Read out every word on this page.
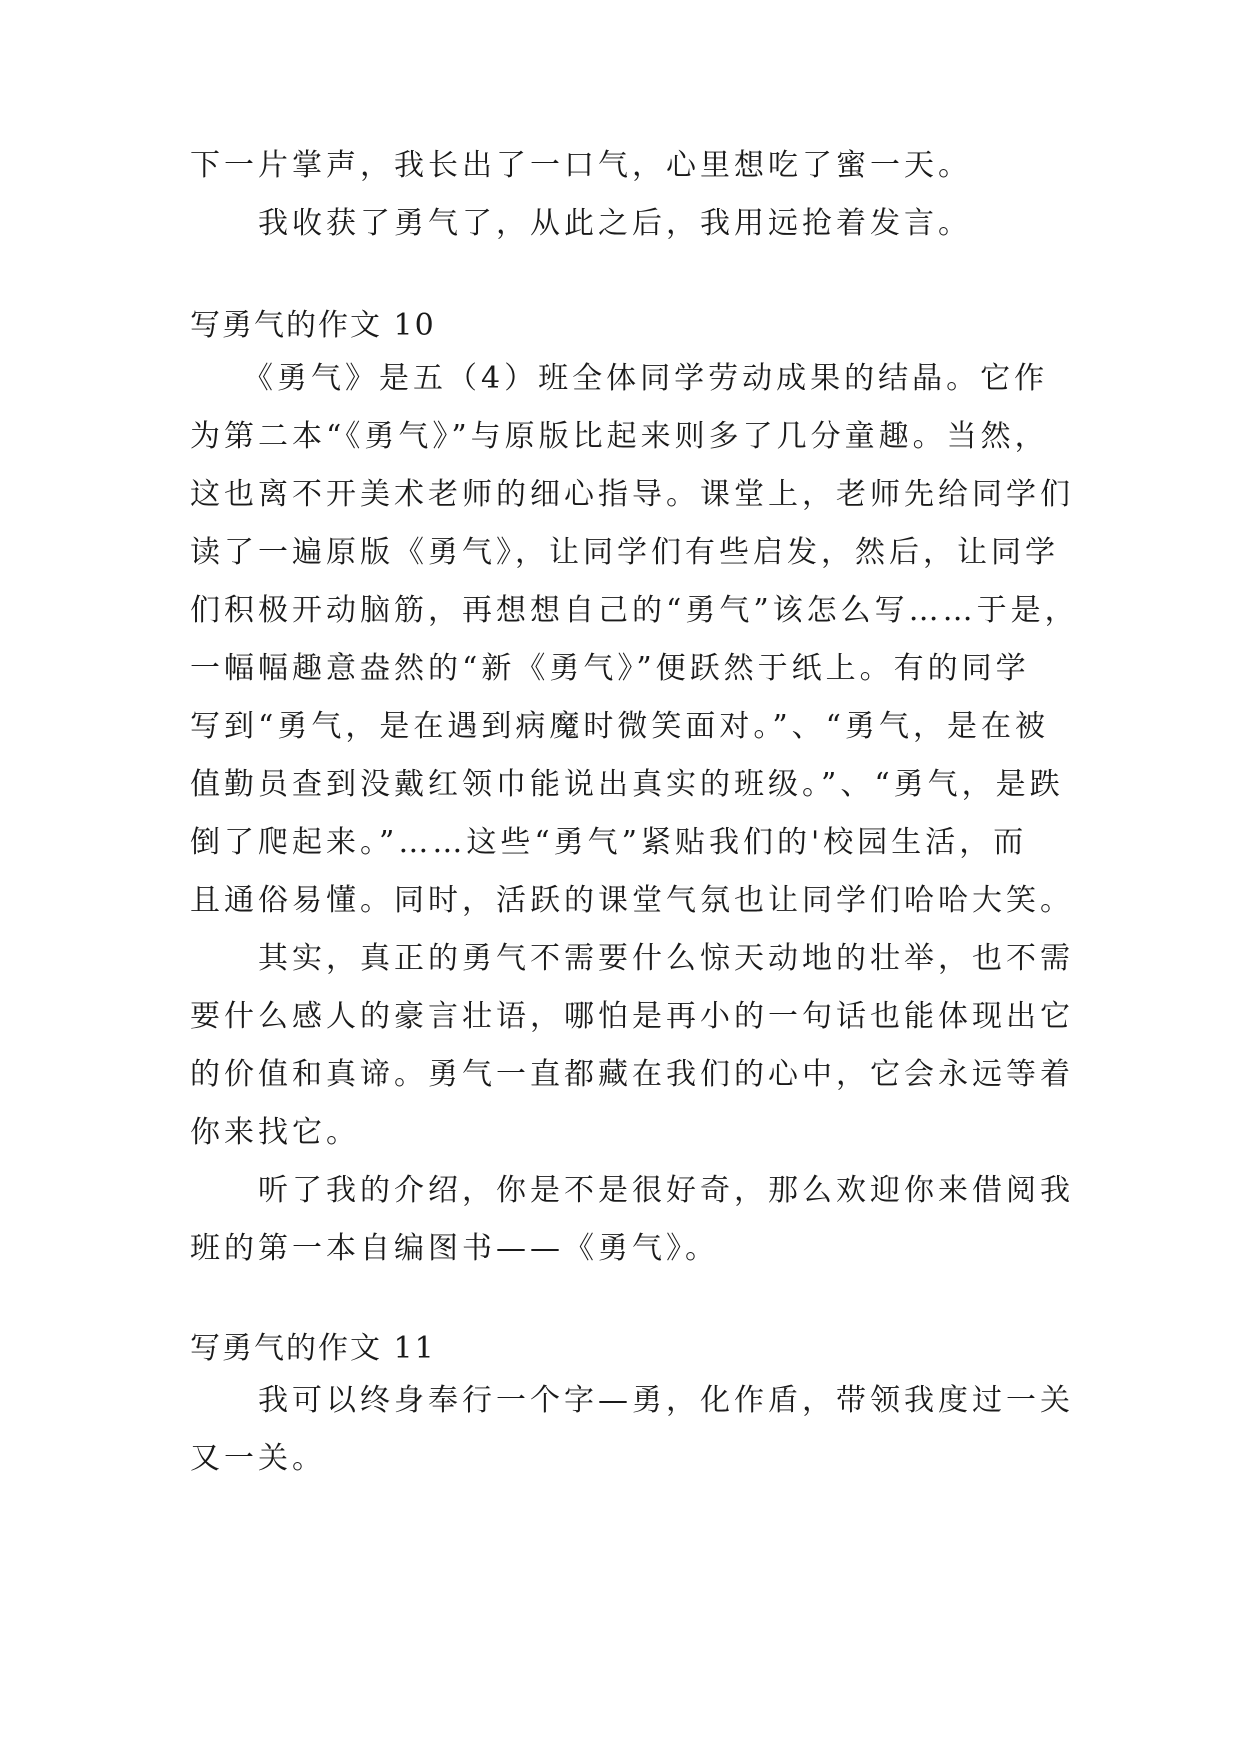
下一片掌声，我长出了一口气，心里想吃了蜜一天。
　　我收获了勇气了，从此之后，我用远抢着发言。
写勇气的作文 10
　　《勇气》是五（4）班全体同学劳动成果的结晶。它作
为第二本“《勇气》”与原版比起来则多了几分童趣。当然，
这也离不开美术老师的细心指导。课堂上，老师先给同学们
读了一遍原版《勇气》，让同学们有些启发，然后，让同学
们积极开动脑筋，再想想自己的“勇气”该怎么写……于是，
一幅幅趣意盎然的“新《勇气》”便跃然于纸上。有的同学
写到“勇气，是在遇到病魔时微笑面对。”、“勇气，是在被
值勤员查到没戴红领巾能说出真实的班级。”、“勇气，是跌
倒了爬起来。”……这些“勇气”紧贴我们的'校园生活，而
且通俗易懂。同时，活跃的课堂气氛也让同学们哈哈大笑。
　　其实，真正的勇气不需要什么惊天动地的壮举，也不需
要什么感人的豪言壮语，哪怕是再小的一句话也能体现出它
的价值和真谛。勇气一直都藏在我们的心中，它会永远等着
你来找它。
　　听了我的介绍，你是不是很好奇，那么欢迎你来借阅我
班的第一本自编图书——《勇气》。
写勇气的作文 11
　　我可以终身奉行一个字—勇，化作盾，带领我度过一关
又一关。
